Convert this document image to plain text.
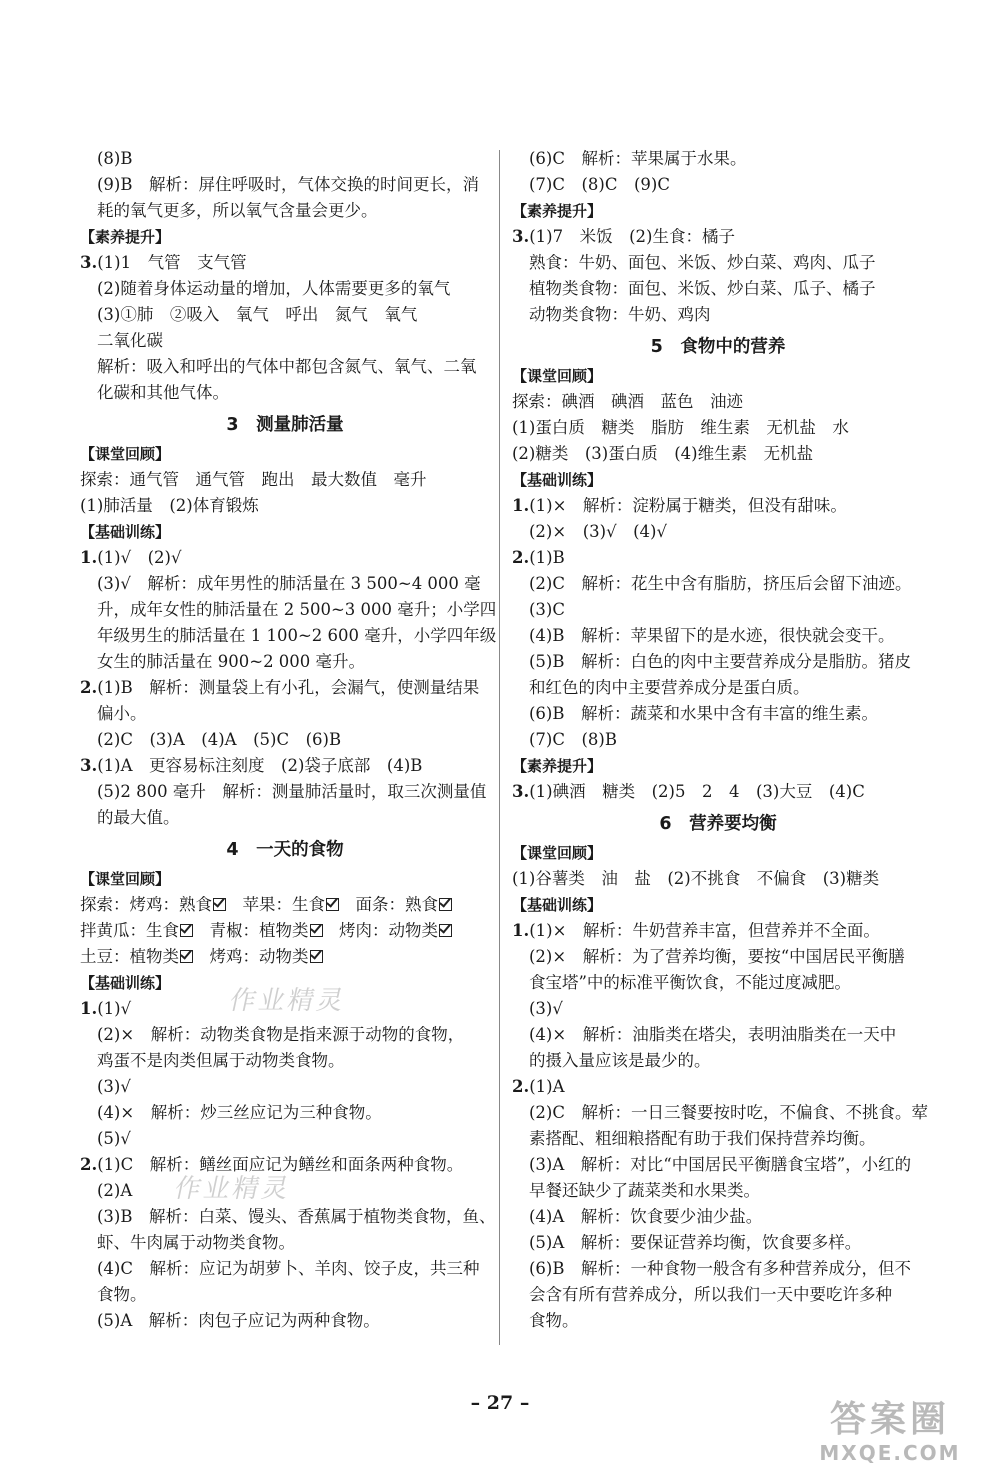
(8)B
(9)B　解析：屏住呼吸时，气体交换的时间更长，消
耗的氧气更多，所以氧气含量会更少。
【素养提升】
3.(1)1　气管　支气管
(2)随着身体运动量的增加，人体需要更多的氧气
(3)①肺　②吸入　氧气　呼出　氮气　氧气
二氧化碳
解析：吸入和呼出的气体中都包含氮气、氧气、二氧
化碳和其他气体。
3　测量肺活量
【课堂回顾】
探索：通气管　通气管　跑出　最大数值　毫升
(1)肺活量　(2)体育锻炼
【基础训练】
1.(1)√　(2)√
(3)√　解析：成年男性的肺活量在 3 500~4 000 毫
升，成年女性的肺活量在 2 500~3 000 毫升；小学四
年级男生的肺活量在 1 100~2 600 毫升，小学四年级
女生的肺活量在 900~2 000 毫升。
2.(1)B　解析：测量袋上有小孔，会漏气，使测量结果
偏小。
(2)C　(3)A　(4)A　(5)C　(6)B
3.(1)A　更容易标注刻度　(2)袋子底部　(4)B
(5)2 800 毫升　解析：测量肺活量时，取三次测量值
的最大值。
4　一天的食物
【课堂回顾】
探索：烤鸡：熟食　苹果：生食　面条：熟食
拌黄瓜：生食　青椒：植物类　烤肉：动物类
土豆：植物类　烤鸡：动物类
【基础训练】
1.(1)√	作业精灵
(2)×　解析：动物类食物是指来源于动物的食物，
鸡蛋不是肉类但属于动物类食物。
(3)√
(4)×　解析：炒三丝应记为三种食物。
(5)√
2.(1)C　解析：鳝丝面应记为鳝丝和面条两种食物。
(2)A 作业精灵
(3)B　解析：白菜、馒头、香蕉属于植物类食物，鱼、
虾、牛肉属于动物类食物。
(4)C　解析：应记为胡萝卜、羊肉、饺子皮，共三种
食物。
(5)A　解析：肉包子应记为两种食物。
(6)C　解析：苹果属于水果。
(7)C　(8)C　(9)C
【素养提升】
3.(1)7　米饭　(2)生食：橘子
熟食：牛奶、面包、米饭、炒白菜、鸡肉、瓜子
植物类食物：面包、米饭、炒白菜、瓜子、橘子
动物类食物：牛奶、鸡肉
5　食物中的营养
【课堂回顾】
探索：碘酒　碘酒　蓝色　油迹
(1)蛋白质　糖类　脂肪　维生素　无机盐　水
(2)糖类　(3)蛋白质　(4)维生素　无机盐
【基础训练】
1.(1)×　解析：淀粉属于糖类，但没有甜味。
(2)×　(3)√　(4)√
2.(1)B
(2)C　解析：花生中含有脂肪，挤压后会留下油迹。
(3)C
(4)B　解析：苹果留下的是水迹，很快就会变干。
(5)B　解析：白色的肉中主要营养成分是脂肪。猪皮
和红色的肉中主要营养成分是蛋白质。
(6)B　解析：蔬菜和水果中含有丰富的维生素。
(7)C　(8)B
【素养提升】
3.(1)碘酒　糖类　(2)5　2　4　(3)大豆　(4)C
6　营养要均衡
【课堂回顾】
(1)谷薯类　油　盐　(2)不挑食　不偏食　(3)糖类
【基础训练】
1.(1)×　解析：牛奶营养丰富，但营养并不全面。
(2)×　解析：为了营养均衡，要按“中国居民平衡膳
食宝塔”中的标准平衡饮食，不能过度减肥。
(3)√
(4)×　解析：油脂类在塔尖，表明油脂类在一天中
的摄入量应该是最少的。
2.(1)A
(2)C　解析：一日三餐要按时吃，不偏食、不挑食。荤
素搭配、粗细粮搭配有助于我们保持营养均衡。
(3)A　解析：对比“中国居民平衡膳食宝塔”，小红的
早餐还缺少了蔬菜类和水果类。
(4)A　解析：饮食要少油少盐。
(5)A　解析：要保证营养均衡，饮食要多样。
(6)B　解析：一种食物一般含有多种营养成分，但不
会含有所有营养成分，所以我们一天中要吃许多种
食物。
– 27 –	答案圈
MXQE.COM
